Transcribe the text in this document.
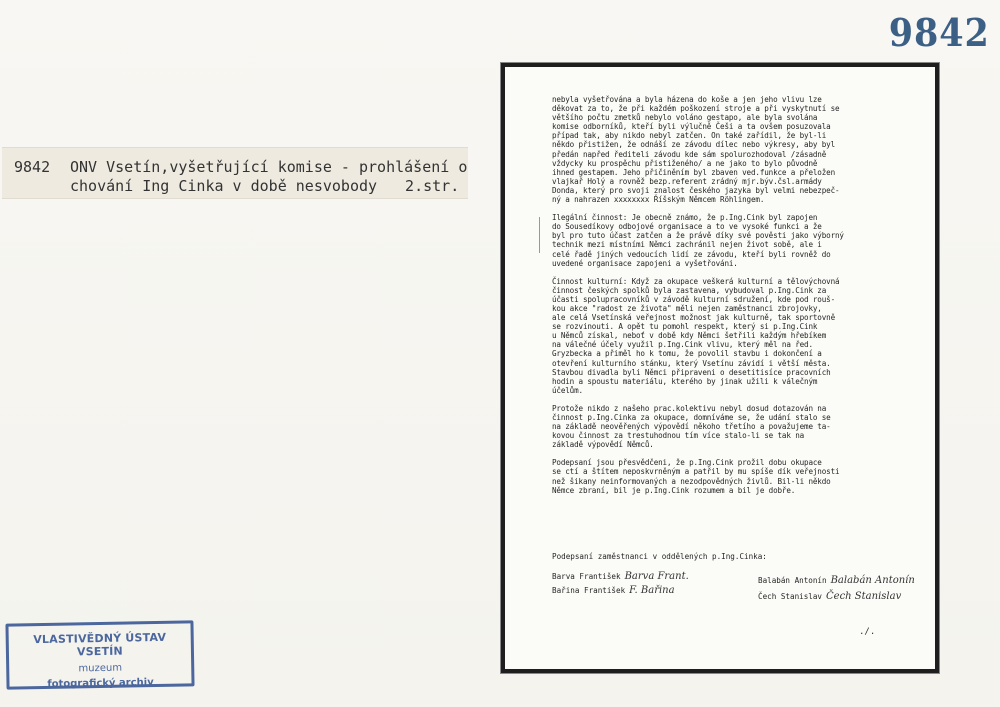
9842
9842 ONV Vsetín,vyšetřující komise - prohlášení o
chování Ing Cinka v době nesvobody 2.str.
VLASTIVĚDNÝ ÚSTAV VSETÍN
muzeum
fotografický archiv
nebyla vyšetřována a byla házena do koše a jen jeho vlivu lze
děkovat za to, že při každém poškození stroje a při vyskytnutí se
většího počtu zmetků nebylo voláno gestapo, ale byla svolána
komise odborníků, kteří byli výlučně Češi a ta ovšem posuzovala
případ tak, aby nikdo nebyl zatčen. On také zařídil, že byl-li
někdo přistižen, že odnáší ze závodu dílec nebo výkresy, aby byl
předán napřed řediteli závodu kde sám spolurozhodoval /zásadně
vždycky ku prospěchu přistiženého/ a ne jako to bylo původně
ihned gestapem. Jeho přičiněním byl zbaven ved.funkce a přeložen
vlajkař Holý a rovněž bezp.referent zrádný mjr.býv.čsl.armády
Donda, který pro svoji znalost českého jazyka byl velmi nebezpeč-
ný a nahrazen xxxxxxxx Říšským Němcem Röhlingem.
Ilegální činnost: Je obecně známo, že p.Ing.Cink byl zapojen
do Sousedíkovy odbojové organisace a to ve vysoké funkci a že
byl pro tuto účast zatčen a že právě díky své pověsti jako výborný
technik mezi místními Němci zachránil nejen život sobě, ale i
celé řadě jiných vedoucích lidí ze závodu, kteří byli rovněž do
uvedené organisace zapojeni a vyšetřováni.
Činnost kulturní: Když za okupace veškerá kulturní a tělovýchovná
činnost českých spolků byla zastavena, vybudoval p.Ing.Cink za
účasti spolupracovníků v závodě kulturní sdružení, kde pod rouš-
kou akce "radost ze života" měli nejen zaměstnanci zbrojovky,
ale celá Vsetínská veřejnost možnost jak kulturně, tak sportovně
se rozvinouti. A opět tu pomohl respekt, který si p.Ing.Cink
u Němců získal, neboť v době kdy Němci šetřili každým hřebíkem
na válečné účely využil p.Ing.Cink vlivu, který měl na řed.
Gryzbecka a přiměl ho k tomu, že povolil stavbu i dokončení a
otevření kulturního stánku, který Vsetínu závidí i větší města.
Stavbou divadla byli Němci připraveni o desetitisíce pracovních
hodin a spoustu materiálu, kterého by jinak užili k válečným
účelům.
Protože nikdo z našeho prac.kolektivu nebyl dosud dotazován na
činnost p.Ing.Cinka za okupace, domníváme se, že udání stalo se
na základě neověřených výpovědí někoho třetího a považujeme ta-
kovou činnost za trestuhodnou tím více stalo-li se tak na
základě výpovědí Němců.
Podepsaní jsou přesvědčeni, že p.Ing.Cink prožil dobu okupace
se ctí a štítem neposkvrněným a patřil by mu spíše dík veřejnosti
než šikany neinformovaných a nezodpovědných živlů. Bil-li někdo
Němce zbraní, bil je p.Ing.Cink rozumem a bil je dobře.
Podepsaní zaměstnanci v oddělených p.Ing.Cinka:
Barva František Barva Frant.
Bařina František F. Bařina
Balabán Antonín Balabán Antonín
Čech Stanislav Čech Stanislav
./.
